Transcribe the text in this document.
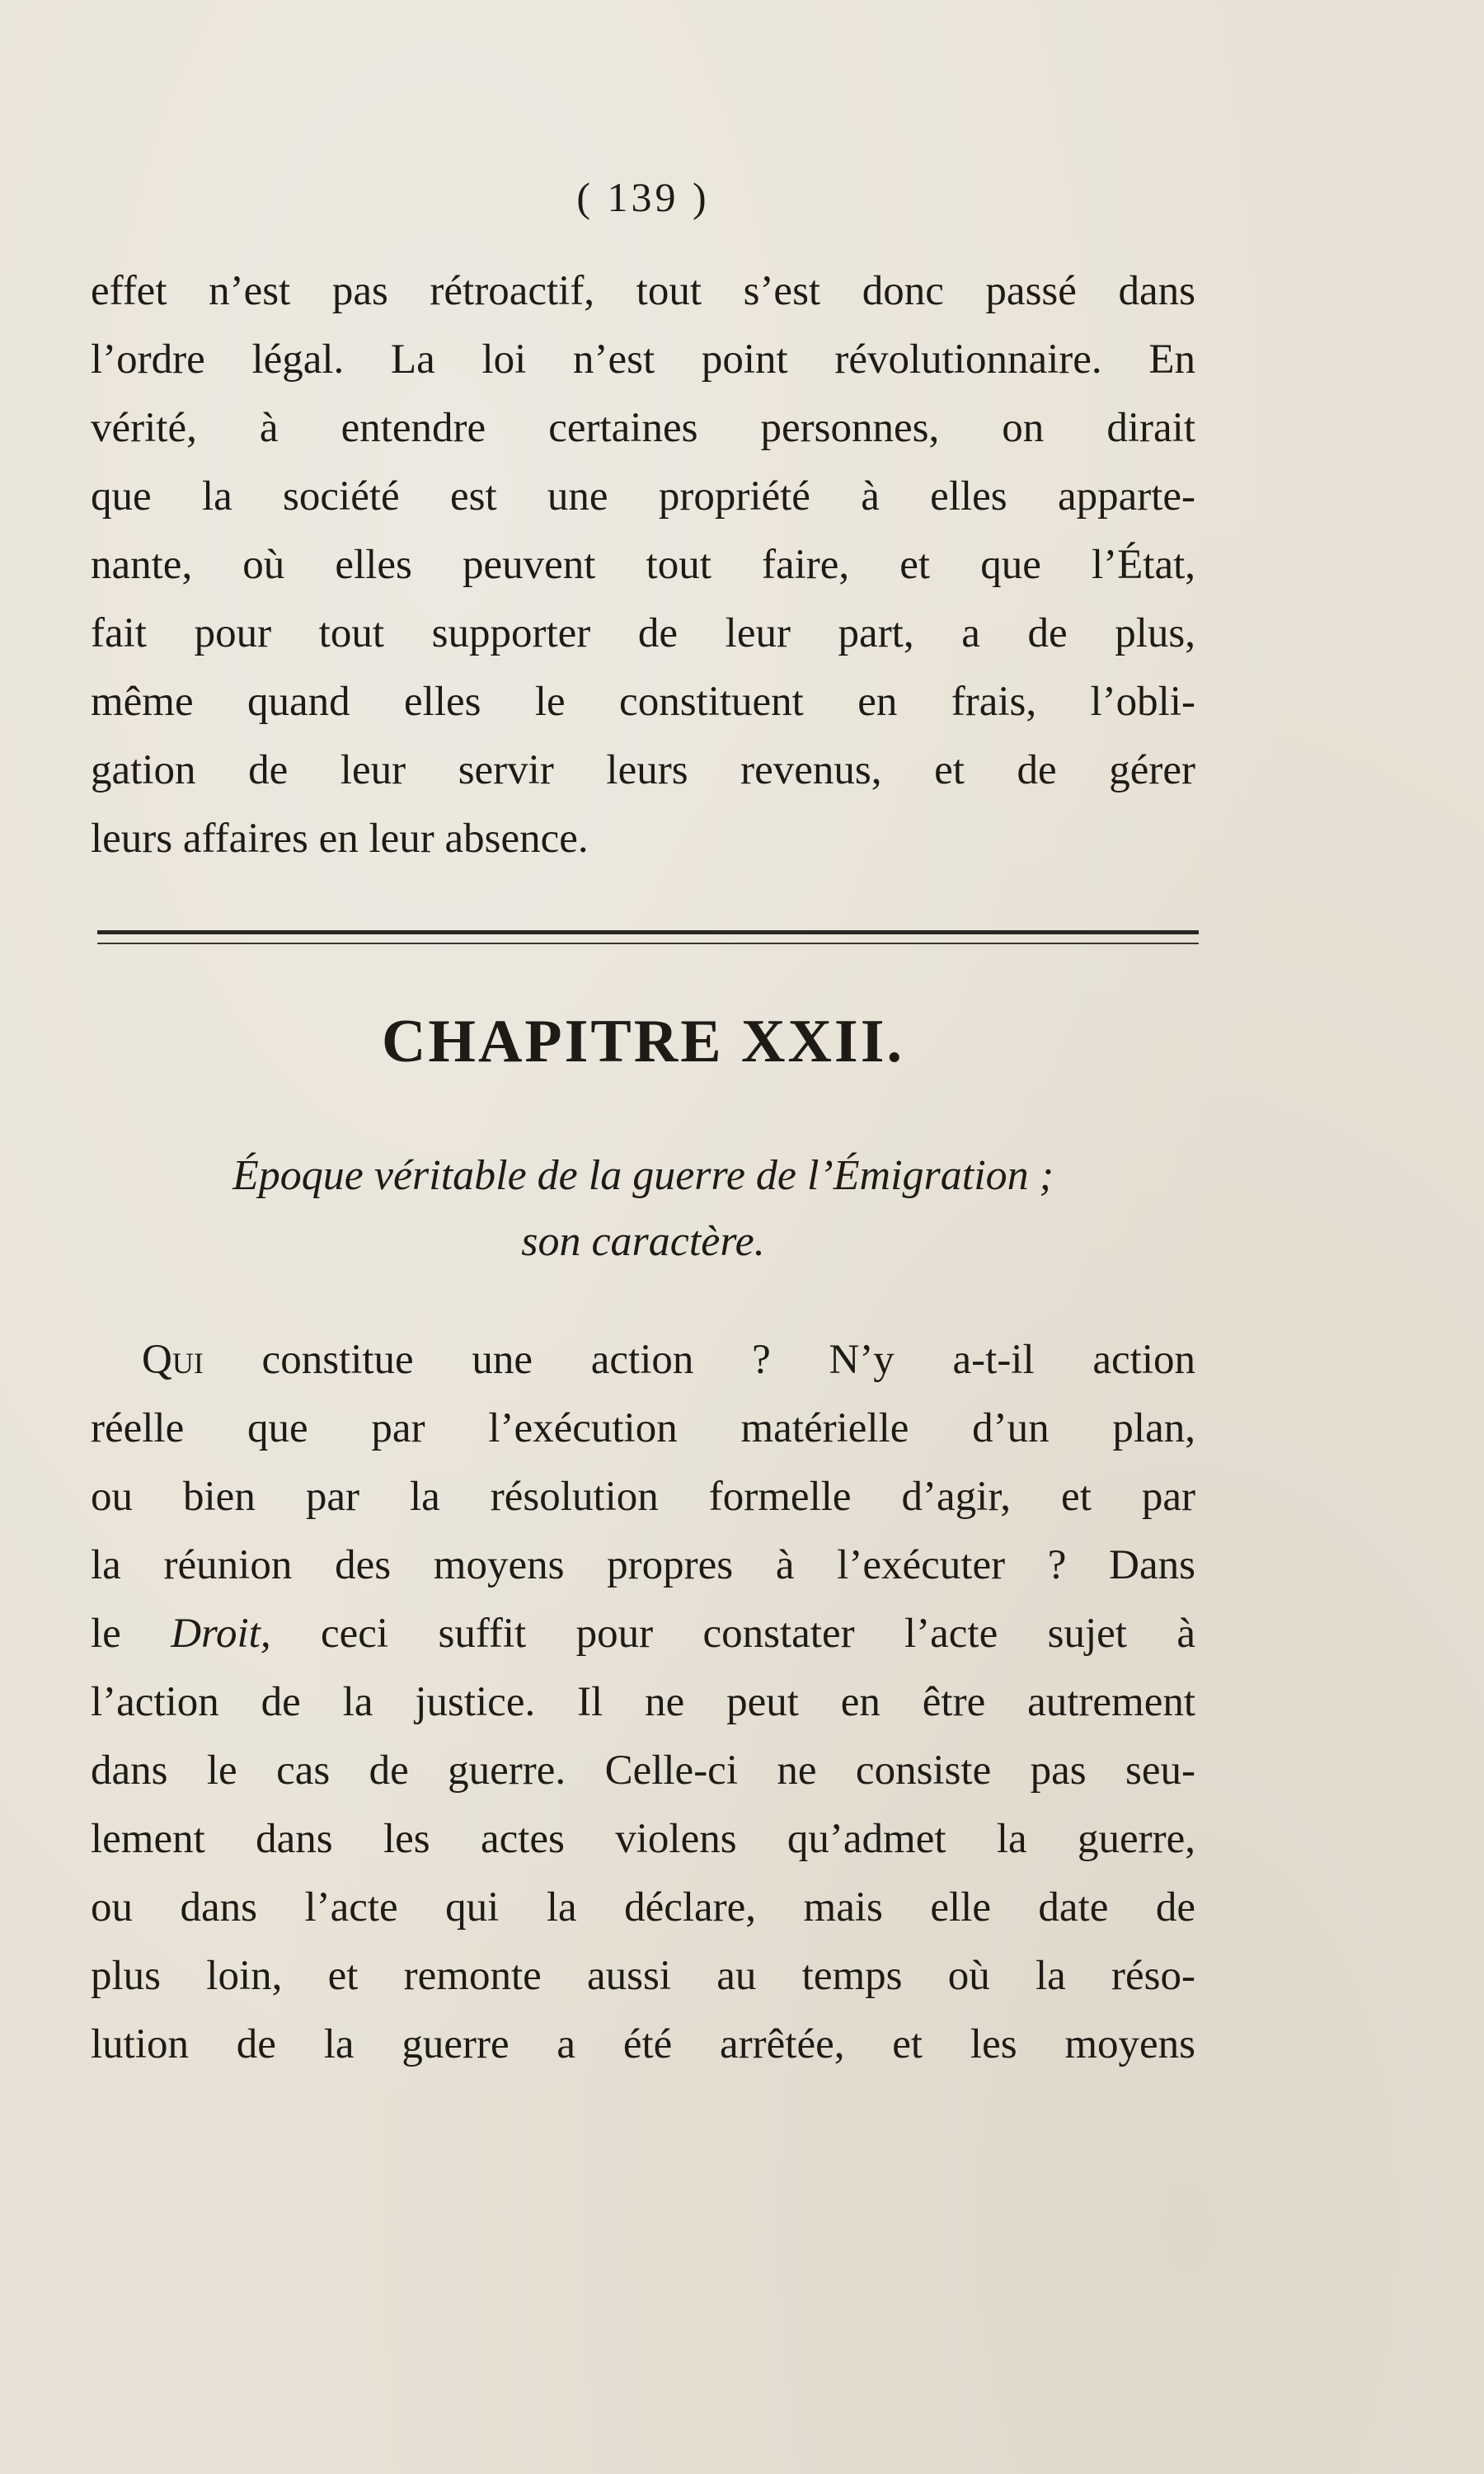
( 139 )
effet n’est pas rétroactif, tout s’est donc passé dans
l’ordre légal. La loi n’est point révolutionnaire. En
vérité, à entendre certaines personnes, on dirait
que la société est une propriété à elles apparte-
nante, où elles peuvent tout faire, et que l’État,
fait pour tout supporter de leur part, a de plus,
même quand elles le constituent en frais, l’obli-
gation de leur servir leurs revenus, et de gérer
leurs affaires en leur absence.
CHAPITRE XXII.
Époque véritable de la guerre de l’Émigration ;
son caractère.
Qui constitue une action ? N’y a-t-il action
réelle que par l’exécution matérielle d’un plan,
ou bien par la résolution formelle d’agir, et par
la réunion des moyens propres à l’exécuter ? Dans
le Droit, ceci suffit pour constater l’acte sujet à
l’action de la justice. Il ne peut en être autrement
dans le cas de guerre. Celle-ci ne consiste pas seu-
lement dans les actes violens qu’admet la guerre,
ou dans l’acte qui la déclare, mais elle date de
plus loin, et remonte aussi au temps où la réso-
lution de la guerre a été arrêtée, et les moyens
